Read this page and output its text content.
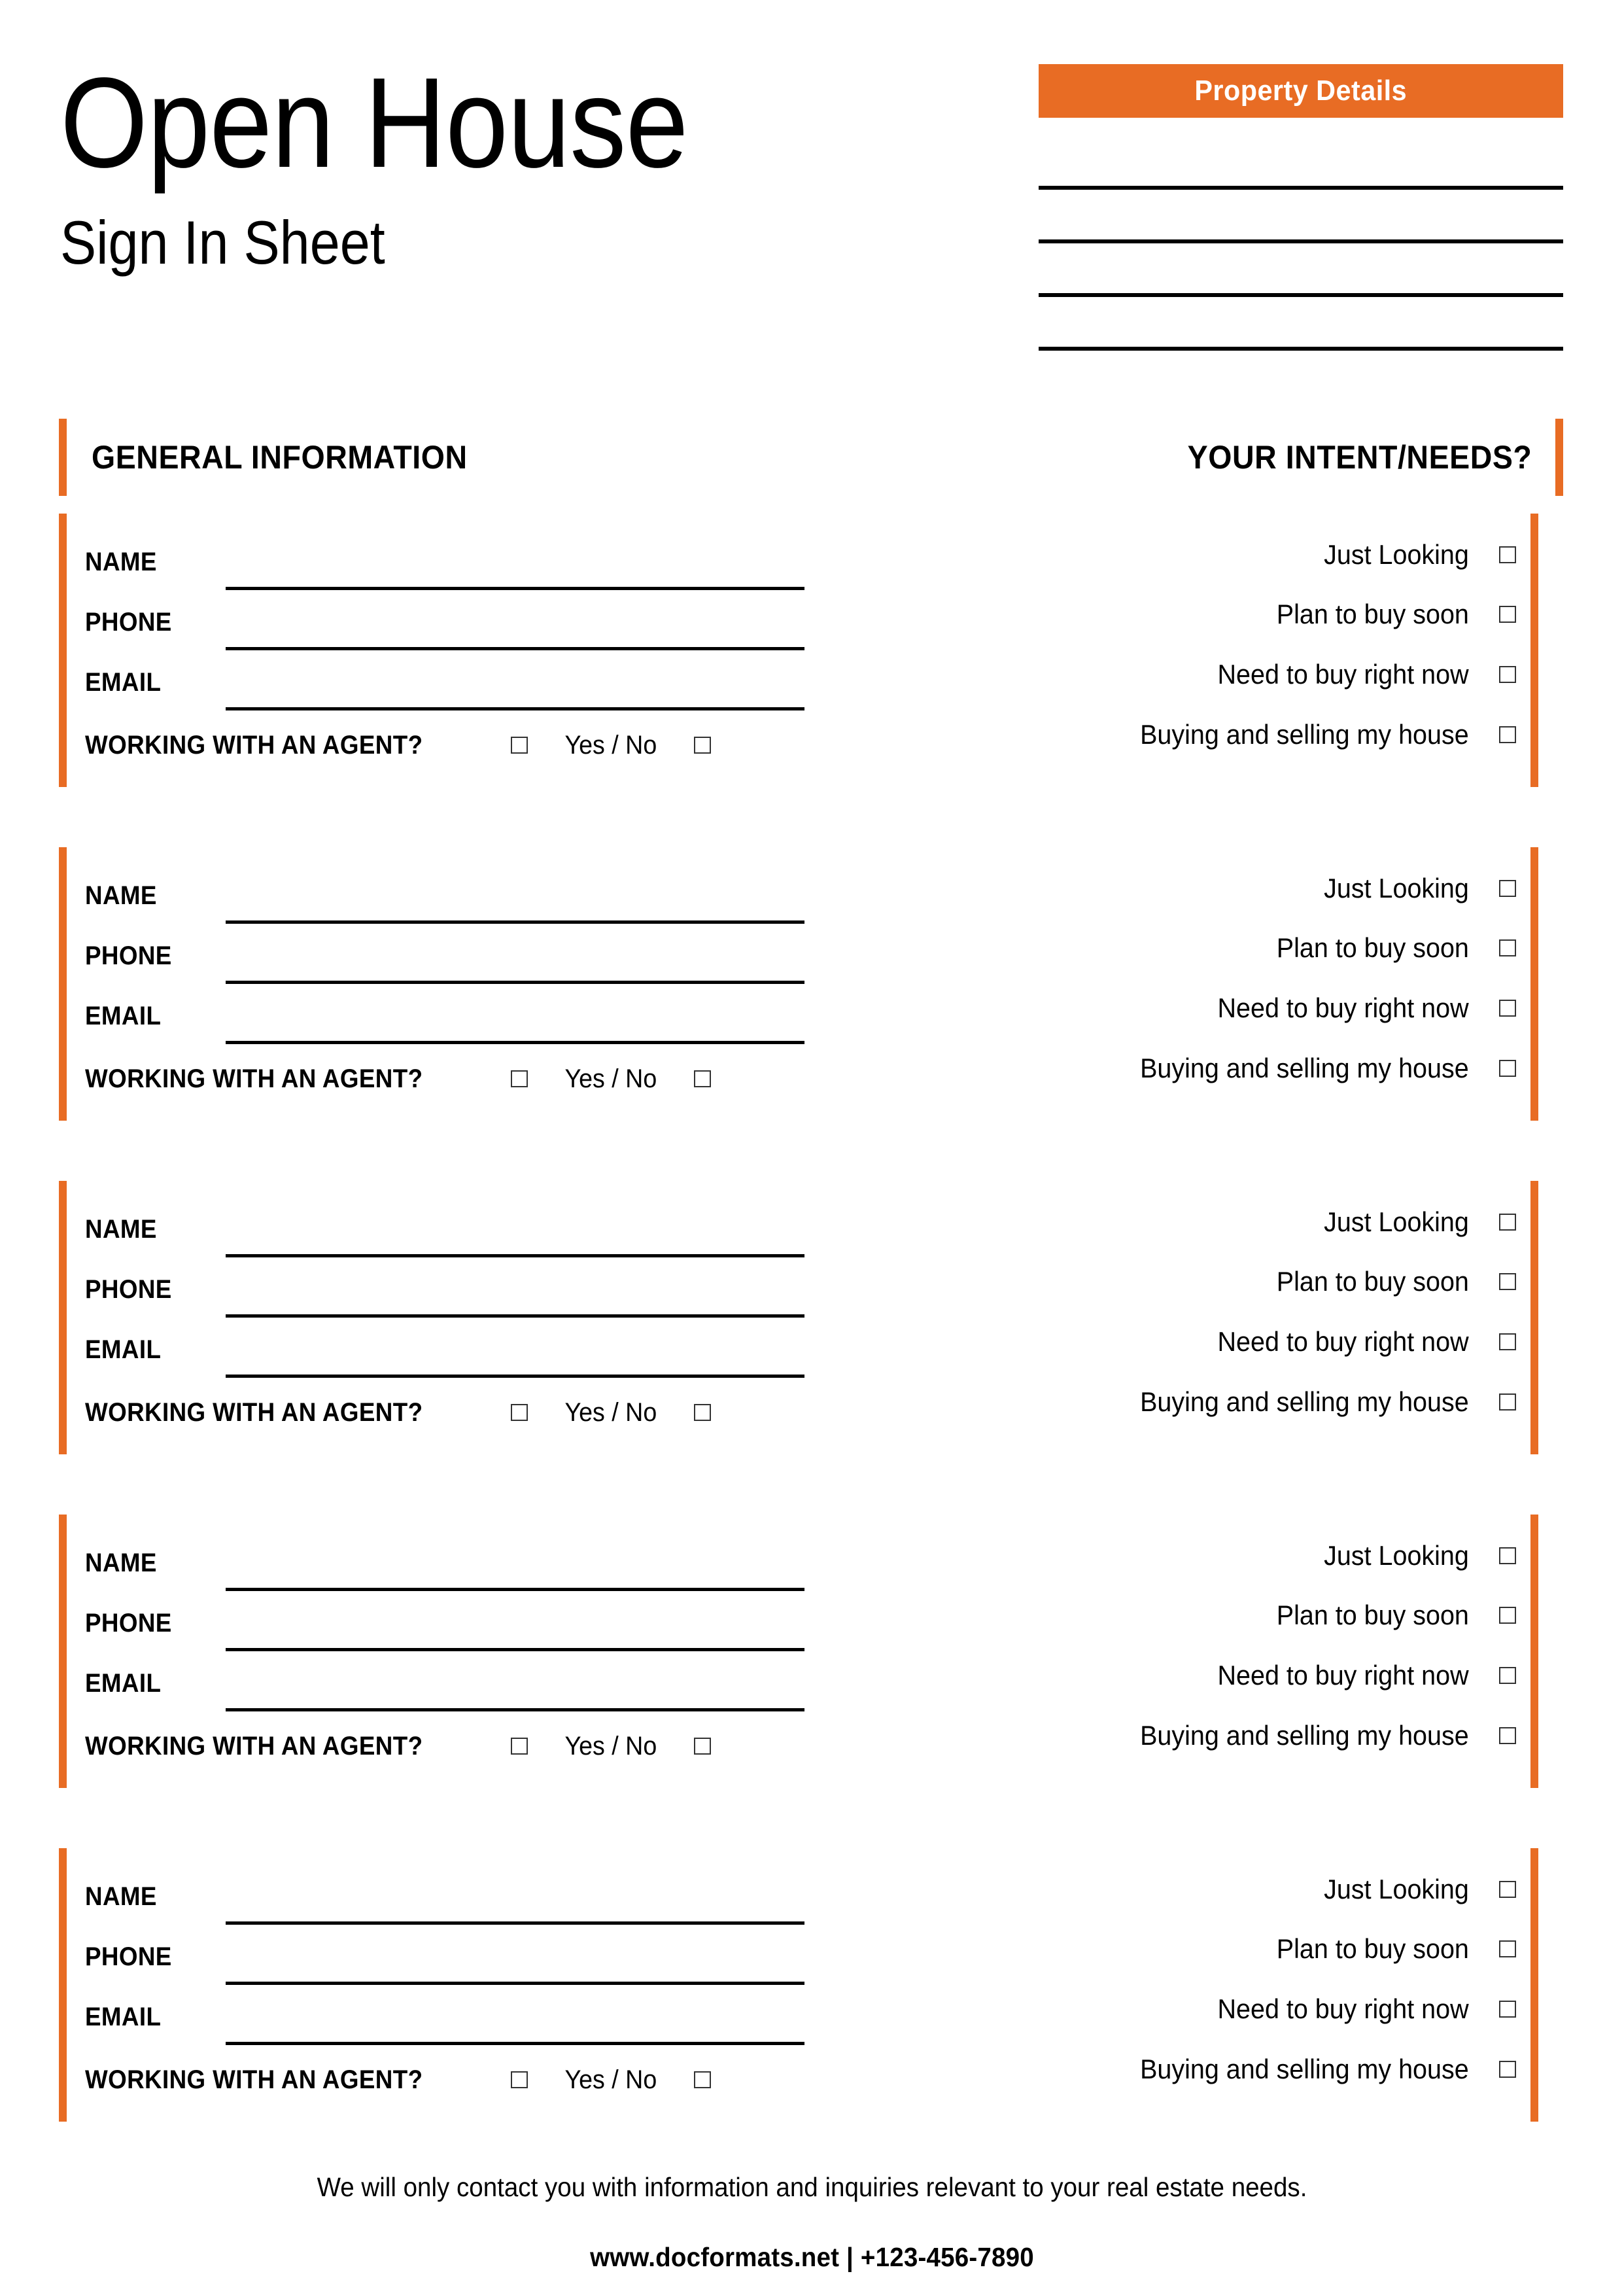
Open House
Sign In Sheet
Property Details
GENERAL INFORMATION	YOUR INTENT/NEEDS?
NAME
PHONE
EMAIL
WORKING WITH AN AGENT?	Yes / No
Just Looking
Plan to buy soon
Need to buy right now
Buying and selling my house
NAME
PHONE
EMAIL
WORKING WITH AN AGENT?	Yes / No
Just Looking
Plan to buy soon
Need to buy right now
Buying and selling my house
NAME
PHONE
EMAIL
WORKING WITH AN AGENT?	Yes / No
Just Looking
Plan to buy soon
Need to buy right now
Buying and selling my house
NAME
PHONE
EMAIL
WORKING WITH AN AGENT?	Yes / No
Just Looking
Plan to buy soon
Need to buy right now
Buying and selling my house
NAME
PHONE
EMAIL
WORKING WITH AN AGENT?	Yes / No
Just Looking
Plan to buy soon
Need to buy right now
Buying and selling my house
We will only contact you with information and inquiries relevant to your real estate needs.
www.docformats.net | +123-456-7890
